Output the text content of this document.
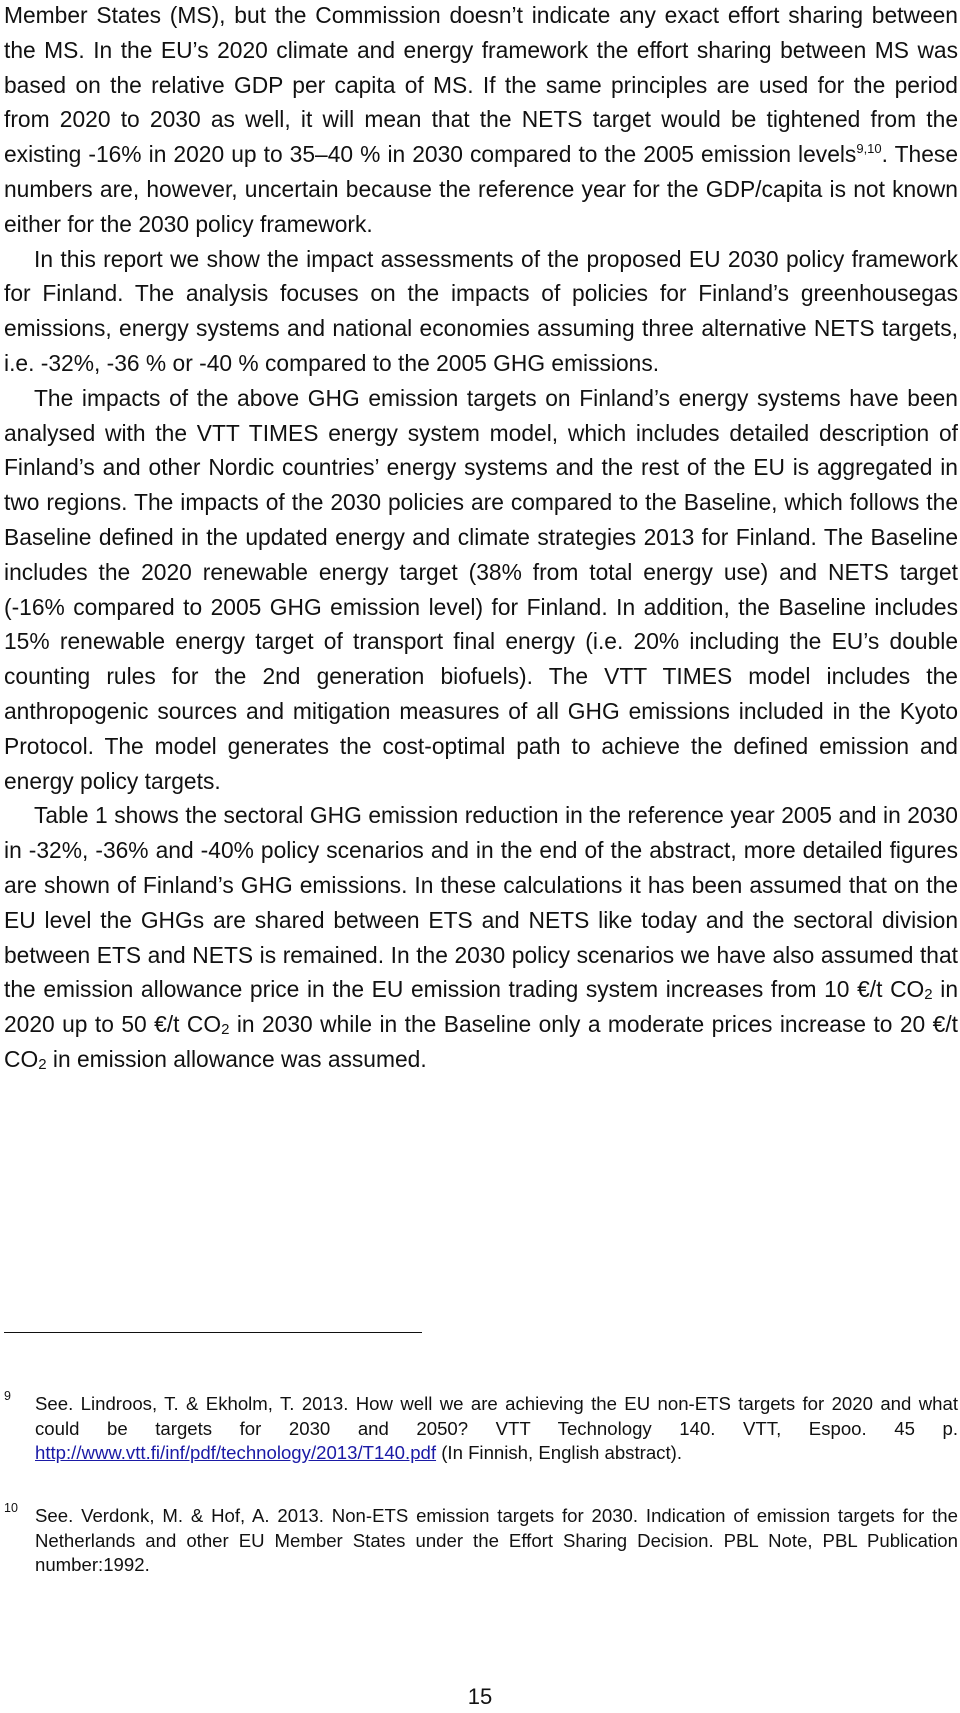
Member States (MS), but the Commission doesn’t indicate any exact effort sharing between the MS. In the EU’s 2020 climate and energy framework the effort sharing between MS was based on the relative GDP per capita of MS. If the same principles are used for the period from 2020 to 2030 as well, it will mean that the NETS target would be tightened from the existing -16% in 2020 up to 35–40 % in 2030 compared to the 2005 emission levels$^{9,10}$. These numbers are, however, uncertain because the reference year for the GDP/capita is not known either for the 2030 policy framework.

In this report we show the impact assessments of the proposed EU 2030 policy framework for Finland. The analysis focuses on the impacts of policies for Finland’s greenhousegas emissions, energy systems and national economies assuming three alternative NETS targets, i.e. -32%, -36 % or -40 % compared to the 2005 GHG emissions.

The impacts of the above GHG emission targets on Finland’s energy systems have been analysed with the VTT TIMES energy system model, which includes detailed description of Finland’s and other Nordic countries’ energy systems and the rest of the EU is aggregated in two regions. The impacts of the 2030 policies are compared to the Baseline, which follows the Baseline defined in the updated energy and climate strategies 2013 for Finland. The Baseline includes the 2020 renewable energy target (38% from total energy use) and NETS target (-16% compared to 2005 GHG emission level) for Finland. In addition, the Baseline includes 15% renewable energy target of transport final energy (i.e. 20% including the EU’s double counting rules for the 2nd generation biofuels). The VTT TIMES model includes the anthropogenic sources and mitigation measures of all GHG emissions included in the Kyoto Protocol. The model generates the cost-optimal path to achieve the defined emission and energy policy targets.

Table 1 shows the sectoral GHG emission reduction in the reference year 2005 and in 2030 in -32%, -36% and -40% policy scenarios and in the end of the abstract, more detailed figures are shown of Finland’s GHG emissions. In these calculations it has been assumed that on the EU level the GHGs are shared between ETS and NETS like today and the sectoral division between ETS and NETS is remained. In the 2030 policy scenarios we have also assumed that the emission allowance price in the EU emission trading system increases from 10 €/t $CO_2$ in 2020 up to 50 €/t $CO_2$ in 2030 while in the Baseline only a moderate prices increase to 20 €/t $CO_2$ in emission allowance was assumed.

9 See. Lindroos, T. & Ekholm, T. 2013. How well we are achieving the EU non-ETS targets for 2020 and what could be targets for 2030 and 2050? VTT Technology 140. VTT, Espoo. 45 p. http://www.vtt.fi/inf/pdf/technology/2013/T140.pdf (In Finnish, English abstract).
10 See. Verdonk, M. & Hof, A. 2013. Non-ETS emission targets for 2030. Indication of emission targets for the Netherlands and other EU Member States under the Effort Sharing Decision. PBL Note, PBL Publication number:1992.
15
